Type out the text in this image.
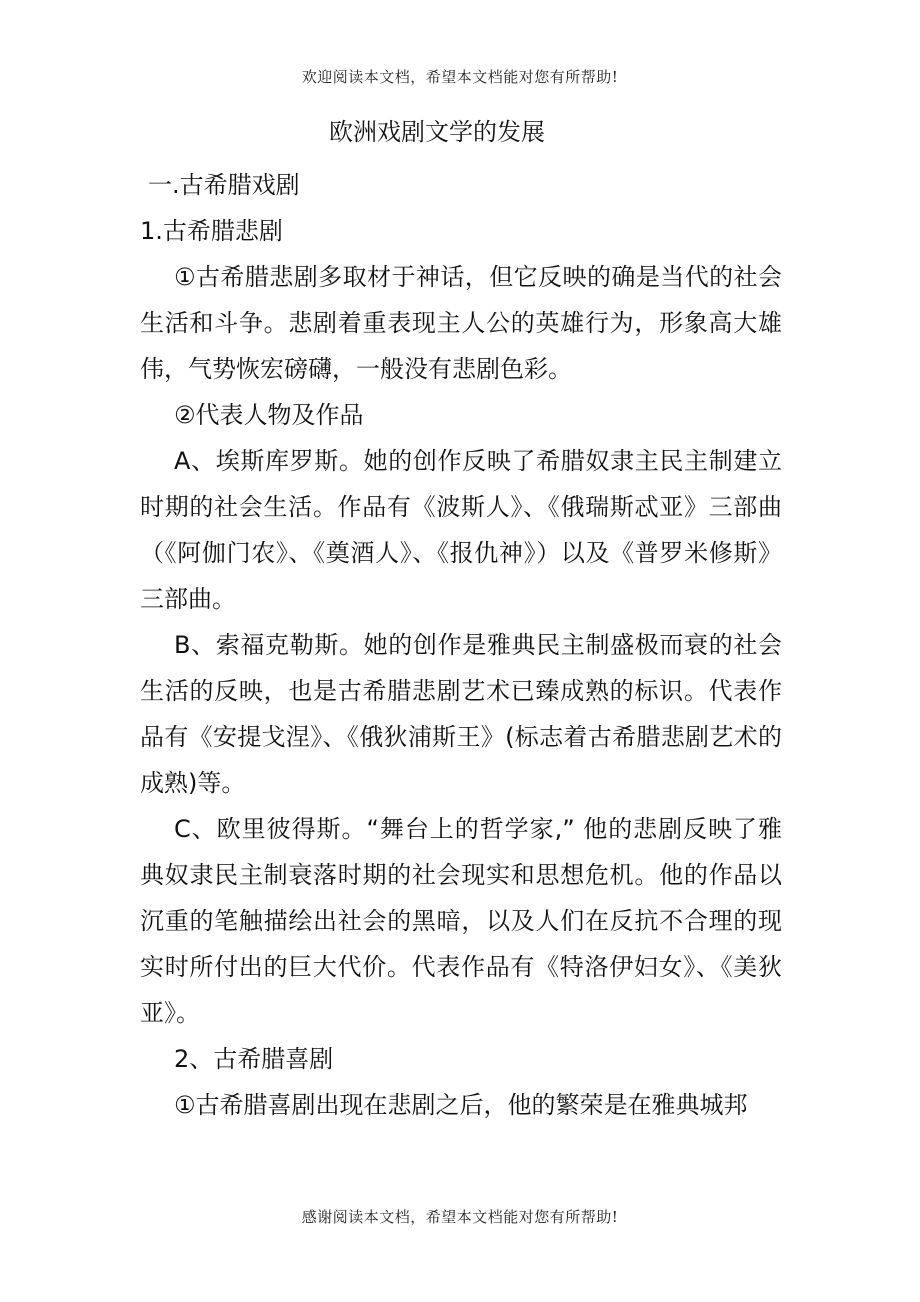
欢迎阅读本文档，希望本文档能对您有所帮助!
欧洲戏剧文学的发展

一.古希腊戏剧

1.古希腊悲剧

①古希腊悲剧多取材于神话，但它反映的确是当代的社会生活和斗争。悲剧着重表现主人公的英雄行为，形象高大雄伟，气势恢宏磅礴，一般没有悲剧色彩。

②代表人物及作品

A、埃斯库罗斯。她的创作反映了希腊奴隶主民主制建立时期的社会生活。作品有《波斯人》、《俄瑞斯忒亚》三部曲（《阿伽门农》、《奠酒人》、《报仇神》）以及《普罗米修斯》三部曲。

B、索福克勒斯。她的创作是雅典民主制盛极而衰的社会生活的反映，也是古希腊悲剧艺术已臻成熟的标识。代表作品有《安提戈涅》、《俄狄浦斯王》(标志着古希腊悲剧艺术的成熟)等。

C、欧里彼得斯。“舞台上的哲学家,” 他的悲剧反映了雅典奴隶民主制衰落时期的社会现实和思想危机。他的作品以沉重的笔触描绘出社会的黑暗，以及人们在反抗不合理的现实时所付出的巨大代价。代表作品有《特洛伊妇女》、《美狄亚》。

2、古希腊喜剧

①古希腊喜剧出现在悲剧之后，他的繁荣是在雅典城邦

感谢阅读本文档，希望本文档能对您有所帮助!
